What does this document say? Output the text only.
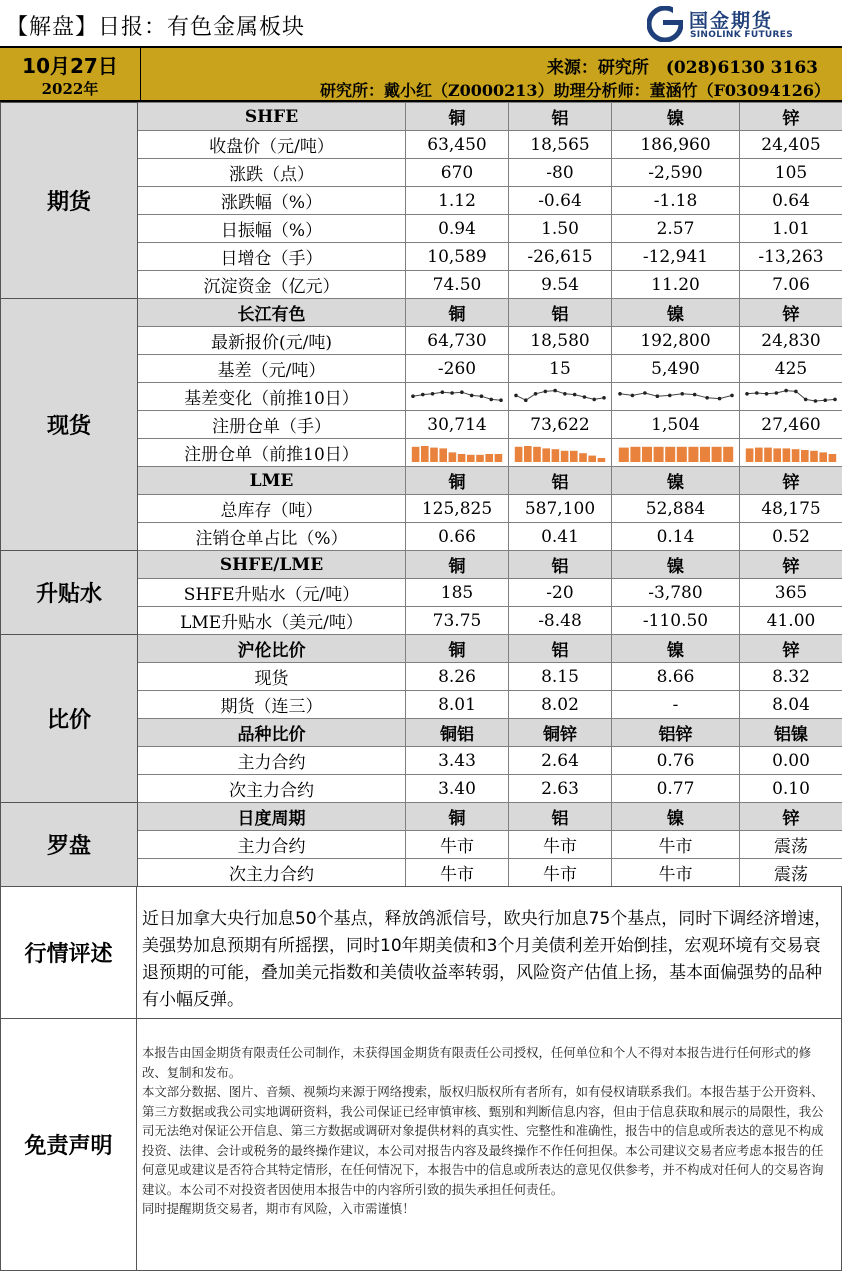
【解盘】日报：有色金属板块	国金期货
SINOLINK FUTURES
10月27日
2022年
来源：研究所　(028)6130 3163
研究所：戴小红（Z0000213）助理分析师：董涵竹（F03094126）
期货	SHFE	铜	铝	镍	锌
	收盘价（元/吨）	63,450	18,565	186,960	24,405
	涨跌（点）	670	-80	-2,590	105
	涨跌幅（%）	1.12	-0.64	-1.18	0.64
	日振幅（%）	0.94	1.50	2.57	1.01
	日增仓（手）	10,589	-26,615	-12,941	-13,263
	沉淀资金（亿元）	74.50	9.54	11.20	7.06
现货	长江有色	铜	铝	镍	锌
	最新报价(元/吨)	64,730	18,580	192,800	24,830
	基差（元/吨）	-260	15	5,490	425
	基差变化（前推10日）	

	注册仓单（手）	30,714	73,622	1,504	27,460
	注册仓单（前推10日）	

	LME	铜	铝	镍	锌
	总库存（吨）	125,825	587,100	52,884	48,175
	注销仓单占比（%）	0.66	0.41	0.14	0.52
升贴水	SHFE/LME	铜	铝	镍	锌
	SHFE升贴水（元/吨）	185	-20	-3,780	365
	LME升贴水（美元/吨）	73.75	-8.48	-110.50	41.00
比价	沪伦比价	铜	铝	镍	锌
	现货	8.26	8.15	8.66	8.32
	期货（连三）	8.01	8.02	-	8.04
	品种比价	铜铝	铜锌	铝锌	铝镍
	主力合约	3.43	2.64	0.76	0.00
	次主力合约	3.40	2.63	0.77	0.10
罗盘	日度周期	铜	铝	镍	锌
	主力合约	牛市	牛市	牛市	震荡
	次主力合约	牛市	牛市	牛市	震荡
行情评述
近日加拿大央行加息50个基点，释放鸽派信号，欧央行加息75个基点，同时下调经济增速，美强势加息预期有所摇摆，同时10年期美债和3个月美债利差开始倒挂，宏观环境有交易衰退预期的可能，叠加美元指数和美债收益率转弱，风险资产估值上扬，基本面偏强势的品种有小幅反弹。
免责声明
本报告由国金期货有限责任公司制作，未获得国金期货有限责任公司授权，任何单位和个人不得对本报告进行任何形式的修改、复制和发布。
本文部分数据、图片、音频、视频均来源于网络搜索，版权归版权所有者所有，如有侵权请联系我们。本报告基于公开资料、第三方数据或我公司实地调研资料，我公司保证已经审慎审核、甄别和判断信息内容，但由于信息获取和展示的局限性，我公司无法绝对保证公开信息、第三方数据或调研对象提供材料的真实性、完整性和准确性，报告中的信息或所表达的意见不构成投资、法律、会计或税务的最终操作建议，本公司对报告内容及最终操作不作任何担保。本公司建议交易者应考虑本报告的任何意见或建议是否符合其特定情形，在任何情况下，本报告中的信息或所表达的意见仅供参考，并不构成对任何人的交易咨询建议。本公司不对投资者因使用本报告中的内容所引致的损失承担任何责任。
同时提醒期货交易者，期市有风险，入市需谨慎！
